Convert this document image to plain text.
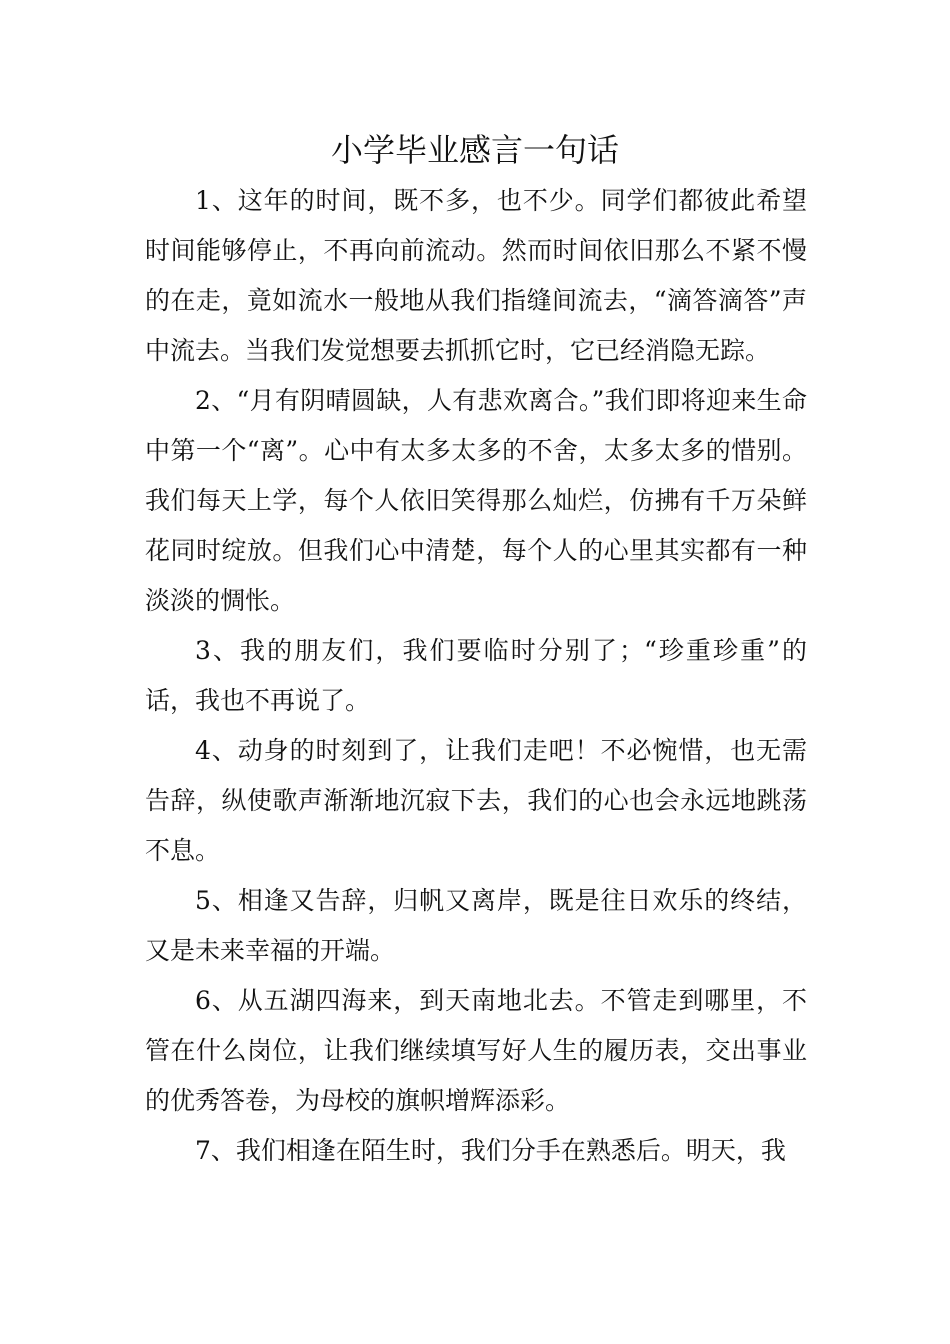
小学毕业感言一句话

1、这年的时间，既不多，也不少。同学们都彼此希望时间能够停止，不再向前流动。然而时间依旧那么不紧不慢的在走，竟如流水一般地从我们指缝间流去，“滴答滴答”声中流去。当我们发觉想要去抓抓它时，它已经消隐无踪。

2、“月有阴晴圆缺，人有悲欢离合。”我们即将迎来生命中第一个“离”。心中有太多太多的不舍，太多太多的惜别。我们每天上学，每个人依旧笑得那么灿烂，仿拂有千万朵鲜花同时绽放。但我们心中清楚，每个人的心里其实都有一种淡淡的惆怅。

3、我的朋友们，我们要临时分别了；“珍重珍重”的话，我也不再说了。

4、动身的时刻到了，让我们走吧！不必惋惜，也无需告辞，纵使歌声渐渐地沉寂下去，我们的心也会永远地跳荡不息。

5、相逢又告辞，归帆又离岸，既是往日欢乐的终结，又是未来幸福的开端。

6、从五湖四海来，到天南地北去。不管走到哪里，不管在什么岗位，让我们继续填写好人生的履历表，交出事业的优秀答卷，为母校的旗帜增辉添彩。

7、我们相逢在陌生时，我们分手在熟悉后。明天，我
